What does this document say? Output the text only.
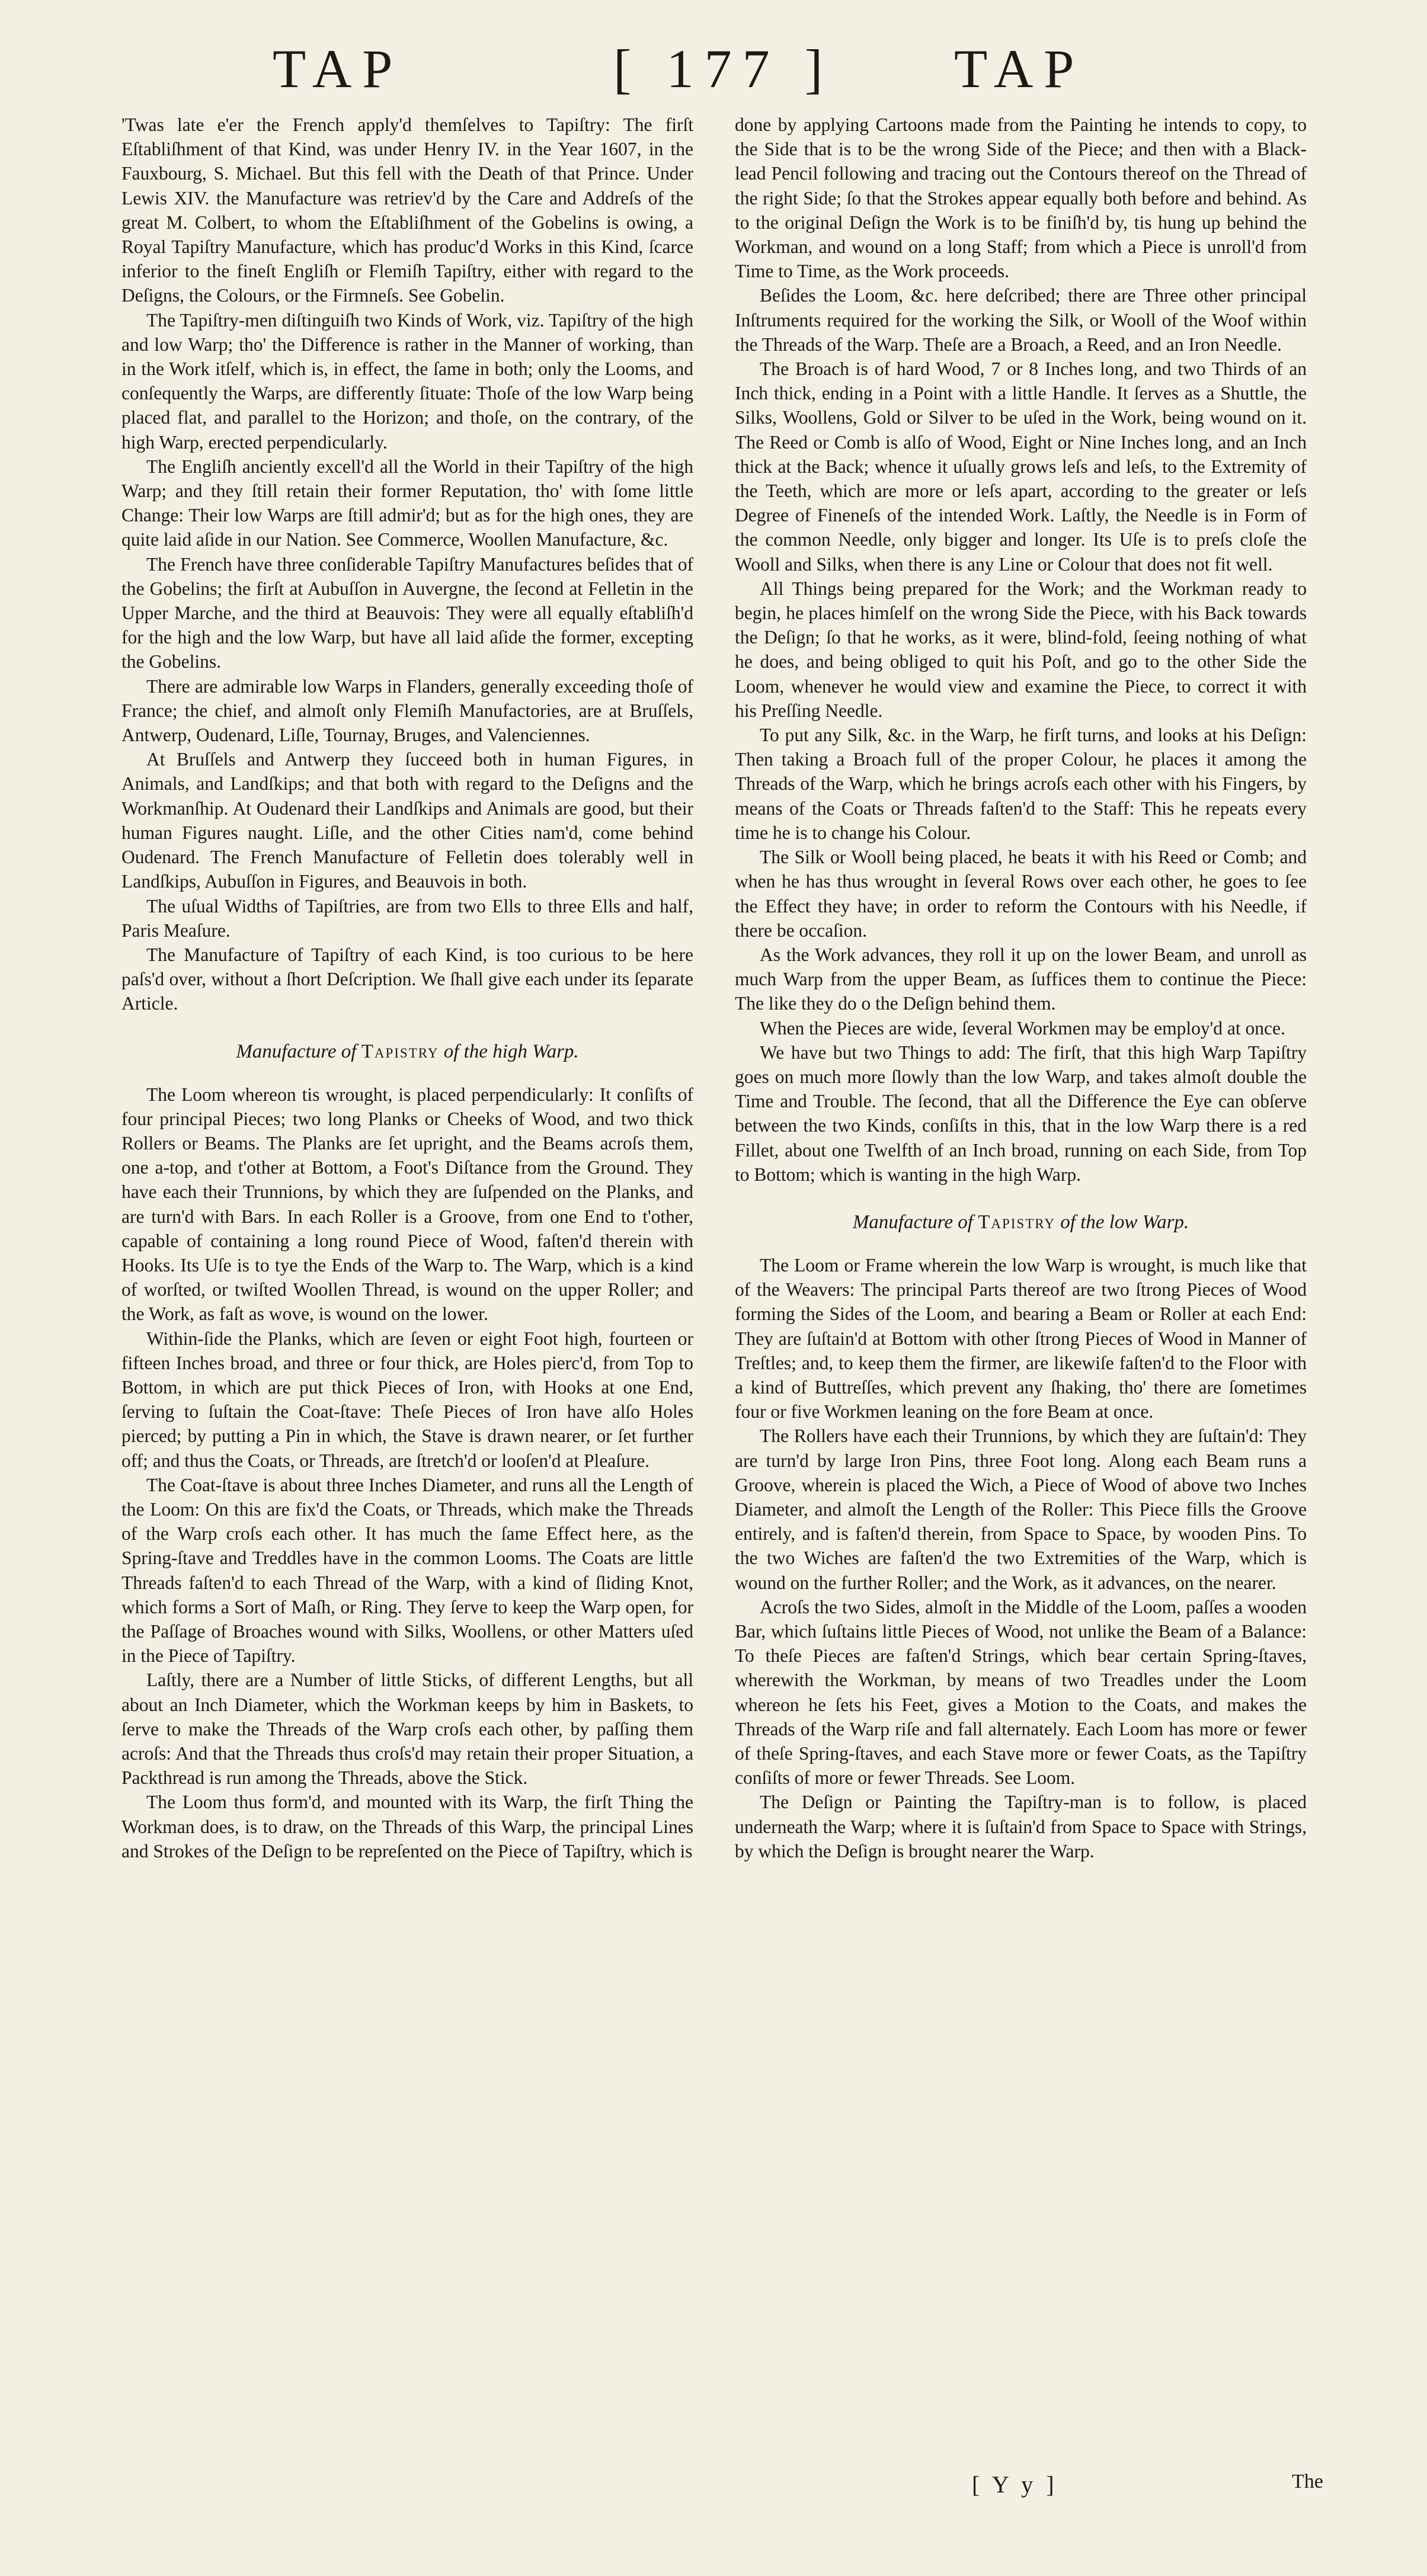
TAP	[ 177 ] TAP

'Twas late e'er the French apply'd themſelves to Tapiſtry: The firſt Eſtabliſhment of that Kind, was under Henry IV. in the Year 1607, in the Fauxbourg, S. Michael. But this fell with the Death of that Prince. Under Lewis XIV. the Manufacture was retriev'd by the Care and Addreſs of the great M. Colbert, to whom the Eſtabliſhment of the Gobelins is owing, a Royal Tapiſtry Manufacture, which has produc'd Works in this Kind, ſcarce inferior to the fineſt Engliſh or Flemiſh Tapiſtry, either with regard to the Deſigns, the Colours, or the Firmneſs. See Gobelin.

The Tapiſtry-men diſtinguiſh two Kinds of Work, viz. Tapiſtry of the high and low Warp; tho' the Difference is rather in the Manner of working, than in the Work itſelf, which is, in effect, the ſame in both; only the Looms, and conſequently the Warps, are differently ſituate: Thoſe of the low Warp being placed flat, and parallel to the Horizon; and thoſe, on the contrary, of the high Warp, erected perpendicularly.

The Engliſh anciently excell'd all the World in their Tapiſtry of the high Warp; and they ſtill retain their former Reputation, tho' with ſome little Change: Their low Warps are ſtill admir'd; but as for the high ones, they are quite laid aſide in our Nation. See Commerce, Woollen Manufacture, &c.

The French have three conſiderable Tapiſtry Manufactures beſides that of the Gobelins; the firſt at Aubuſſon in Auvergne, the ſecond at Felletin in the Upper Marche, and the third at Beauvois: They were all equally eſtabliſh'd for the high and the low Warp, but have all laid aſide the former, excepting the Gobelins.

There are admirable low Warps in Flanders, generally exceeding thoſe of France; the chief, and almoſt only Flemiſh Manufactories, are at Bruſſels, Antwerp, Oudenard, Liſle, Tournay, Bruges, and Valenciennes.

At Bruſſels and Antwerp they ſucceed both in human Figures, in Animals, and Landſkips; and that both with regard to the Deſigns and the Workmanſhip. At Oudenard their Landſkips and Animals are good, but their human Figures naught. Liſle, and the other Cities nam'd, come behind Oudenard. The French Manufacture of Felletin does tolerably well in Landſkips, Aubuſſon in Figures, and Beauvois in both.

The uſual Widths of Tapiſtries, are from two Ells to three Ells and half, Paris Meaſure.

The Manufacture of Tapiſtry of each Kind, is too curious to be here paſs'd over, without a ſhort Deſcription. We ſhall give each under its ſeparate Article.

Manufacture of Tapistry of the high Warp.

The Loom whereon tis wrought, is placed perpendicularly: It conſiſts of four principal Pieces; two long Planks or Cheeks of Wood, and two thick Rollers or Beams. The Planks are ſet upright, and the Beams acroſs them, one a-top, and t'other at Bottom, a Foot's Diſtance from the Ground. They have each their Trunnions, by which they are ſuſpended on the Planks, and are turn'd with Bars. In each Roller is a Groove, from one End to t'other, capable of containing a long round Piece of Wood, faſten'd therein with Hooks. Its Uſe is to tye the Ends of the Warp to. The Warp, which is a kind of worſted, or twiſted Woollen Thread, is wound on the upper Roller; and the Work, as faſt as wove, is wound on the lower.

Within-ſide the Planks, which are ſeven or eight Foot high, fourteen or fifteen Inches broad, and three or four thick, are Holes pierc'd, from Top to Bottom, in which are put thick Pieces of Iron, with Hooks at one End, ſerving to ſuſtain the Coat-ſtave: Theſe Pieces of Iron have alſo Holes pierced; by putting a Pin in which, the Stave is drawn nearer, or ſet further off; and thus the Coats, or Threads, are ſtretch'd or looſen'd at Pleaſure.

The Coat-ſtave is about three Inches Diameter, and runs all the Length of the Loom: On this are fix'd the Coats, or Threads, which make the Threads of the Warp croſs each other. It has much the ſame Effect here, as the Spring-ſtave and Treddles have in the common Looms. The Coats are little Threads faſten'd to each Thread of the Warp, with a kind of ſliding Knot, which forms a Sort of Maſh, or Ring. They ſerve to keep the Warp open, for the Paſſage of Broaches wound with Silks, Woollens, or other Matters uſed in the Piece of Tapiſtry.

Laſtly, there are a Number of little Sticks, of different Lengths, but all about an Inch Diameter, which the Workman keeps by him in Baskets, to ſerve to make the Threads of the Warp croſs each other, by paſſing them acroſs: And that the Threads thus croſs'd may retain their proper Situation, a Packthread is run among the Threads, above the Stick.

The Loom thus form'd, and mounted with its Warp, the firſt Thing the Workman does, is to draw, on the Threads of this Warp, the principal Lines and Strokes of the Deſign to be repreſented on the Piece of Tapiſtry, which is

done by applying Cartoons made from the Painting he intends to copy, to the Side that is to be the wrong Side of the Piece; and then with a Black-lead Pencil following and tracing out the Contours thereof on the Thread of the right Side; ſo that the Strokes appear equally both before and behind. As to the original Deſign the Work is to be finiſh'd by, tis hung up behind the Workman, and wound on a long Staff; from which a Piece is unroll'd from Time to Time, as the Work proceeds.

Beſides the Loom, &c. here deſcribed; there are Three other principal Inſtruments required for the working the Silk, or Wooll of the Woof within the Threads of the Warp. Theſe are a Broach, a Reed, and an Iron Needle.

The Broach is of hard Wood, 7 or 8 Inches long, and two Thirds of an Inch thick, ending in a Point with a little Handle. It ſerves as a Shuttle, the Silks, Woollens, Gold or Silver to be uſed in the Work, being wound on it. The Reed or Comb is alſo of Wood, Eight or Nine Inches long, and an Inch thick at the Back; whence it uſually grows leſs and leſs, to the Extremity of the Teeth, which are more or leſs apart, according to the greater or leſs Degree of Fineneſs of the intended Work. Laſtly, the Needle is in Form of the common Needle, only bigger and longer. Its Uſe is to preſs cloſe the Wooll and Silks, when there is any Line or Colour that does not fit well.

All Things being prepared for the Work; and the Workman ready to begin, he places himſelf on the wrong Side the Piece, with his Back towards the Deſign; ſo that he works, as it were, blind-fold, ſeeing nothing of what he does, and being obliged to quit his Poſt, and go to the other Side the Loom, whenever he would view and examine the Piece, to correct it with his Preſſing Needle.

To put any Silk, &c. in the Warp, he firſt turns, and looks at his Deſign: Then taking a Broach full of the proper Colour, he places it among the Threads of the Warp, which he brings acroſs each other with his Fingers, by means of the Coats or Threads faſten'd to the Staff: This he repeats every time he is to change his Colour.

The Silk or Wooll being placed, he beats it with his Reed or Comb; and when he has thus wrought in ſeveral Rows over each other, he goes to ſee the Effect they have; in order to reform the Contours with his Needle, if there be occaſion.

As the Work advances, they roll it up on the lower Beam, and unroll as much Warp from the upper Beam, as ſuffices them to continue the Piece: The like they do o the Deſign behind them.

When the Pieces are wide, ſeveral Workmen may be employ'd at once.

We have but two Things to add: The firſt, that this high Warp Tapiſtry goes on much more ſlowly than the low Warp, and takes almoſt double the Time and Trouble. The ſecond, that all the Difference the Eye can obſerve between the two Kinds, conſiſts in this, that in the low Warp there is a red Fillet, about one Twelfth of an Inch broad, running on each Side, from Top to Bottom; which is wanting in the high Warp.

Manufacture of Tapistry of the low Warp.

The Loom or Frame wherein the low Warp is wrought, is much like that of the Weavers: The principal Parts thereof are two ſtrong Pieces of Wood forming the Sides of the Loom, and bearing a Beam or Roller at each End: They are ſuſtain'd at Bottom with other ſtrong Pieces of Wood in Manner of Treſtles; and, to keep them the firmer, are likewiſe faſten'd to the Floor with a kind of Buttreſſes, which prevent any ſhaking, tho' there are ſometimes four or five Workmen leaning on the fore Beam at once.

The Rollers have each their Trunnions, by which they are ſuſtain'd: They are turn'd by large Iron Pins, three Foot long. Along each Beam runs a Groove, wherein is placed the Wich, a Piece of Wood of above two Inches Diameter, and almoſt the Length of the Roller: This Piece fills the Groove entirely, and is faſten'd therein, from Space to Space, by wooden Pins. To the two Wiches are faſten'd the two Extremities of the Warp, which is wound on the further Roller; and the Work, as it advances, on the nearer.

Acroſs the two Sides, almoſt in the Middle of the Loom, paſſes a wooden Bar, which ſuſtains little Pieces of Wood, not unlike the Beam of a Balance: To theſe Pieces are faſten'd Strings, which bear certain Spring-ſtaves, wherewith the Workman, by means of two Treadles under the Loom whereon he ſets his Feet, gives a Motion to the Coats, and makes the Threads of the Warp riſe and fall alternately. Each Loom has more or fewer of theſe Spring-ſtaves, and each Stave more or fewer Coats, as the Tapiſtry conſiſts of more or fewer Threads. See Loom.

The Deſign or Painting the Tapiſtry-man is to follow, is placed underneath the Warp; where it is ſuſtain'd from Space to Space with Strings, by which the Deſign is brought nearer the Warp.

[ Y y ]	The
